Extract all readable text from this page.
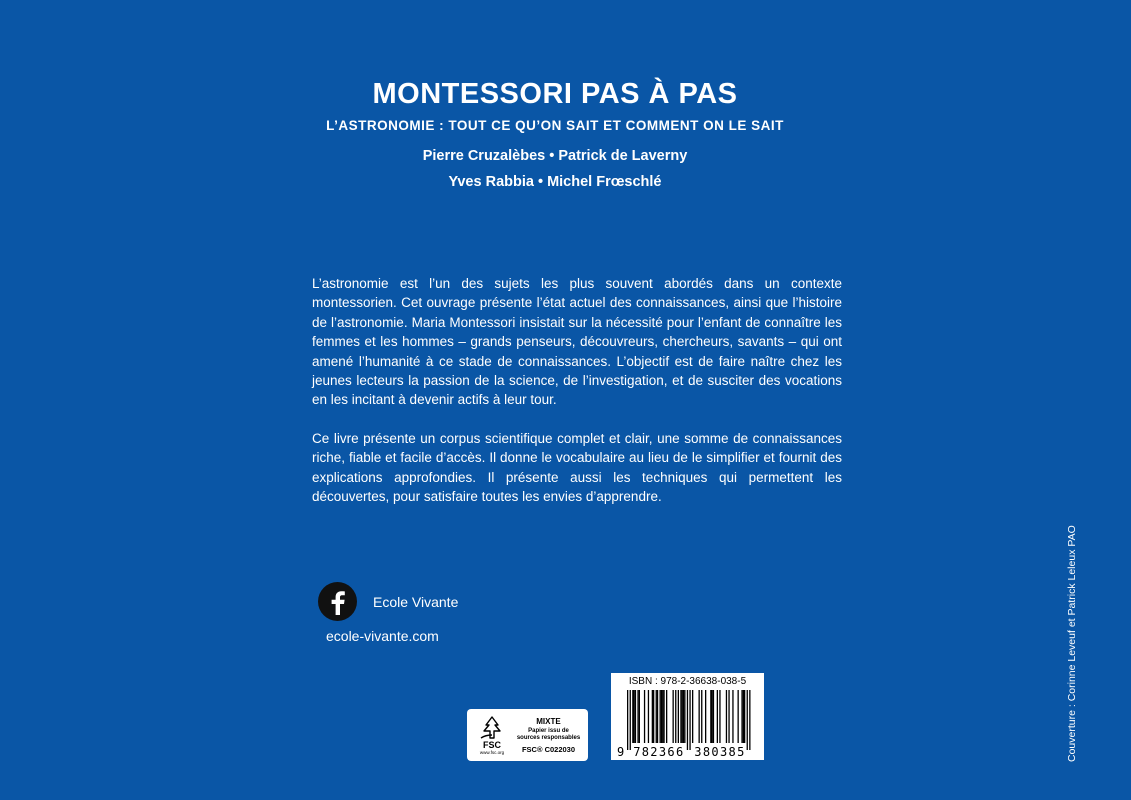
MONTESSORI PAS À PAS
L’ASTRONOMIE : TOUT CE QU’ON SAIT ET COMMENT ON LE SAIT
Pierre Cruzalèbes • Patrick de Laverny
Yves Rabbia • Michel Frœschlé

L’astronomie est l’un des sujets les plus souvent abordés dans un contexte montessorien. Cet ouvrage présente l’état actuel des connaissances, ainsi que l’histoire de l’astronomie. Maria Montessori insistait sur la nécessité pour l’enfant de connaître les femmes et les hommes – grands penseurs, découvreurs, chercheurs, savants – qui ont amené l’humanité à ce stade de connaissances. L’objectif est de faire naître chez les jeunes lecteurs la passion de la science, de l’investigation, et de susciter des vocations en les incitant à devenir actifs à leur tour.

Ce livre présente un corpus scientifique complet et clair, une somme de connaissances riche, fiable et facile d’accès. Il donne le vocabulaire au lieu de le simplifier et fournit des explications approfondies. Il présente aussi les techniques qui permettent les découvertes, pour satisfaire toutes les envies d’apprendre.

Ecole Vivante
ecole-vivante.com
FSC
www.fsc.org
MIXTE
Papier issu de
sources responsables
FSC® C022030
ISBN : 978-2-36638-038-5
9 782366 380385	Couverture : Corinne Leveuf et Patrick Leleux PAO
